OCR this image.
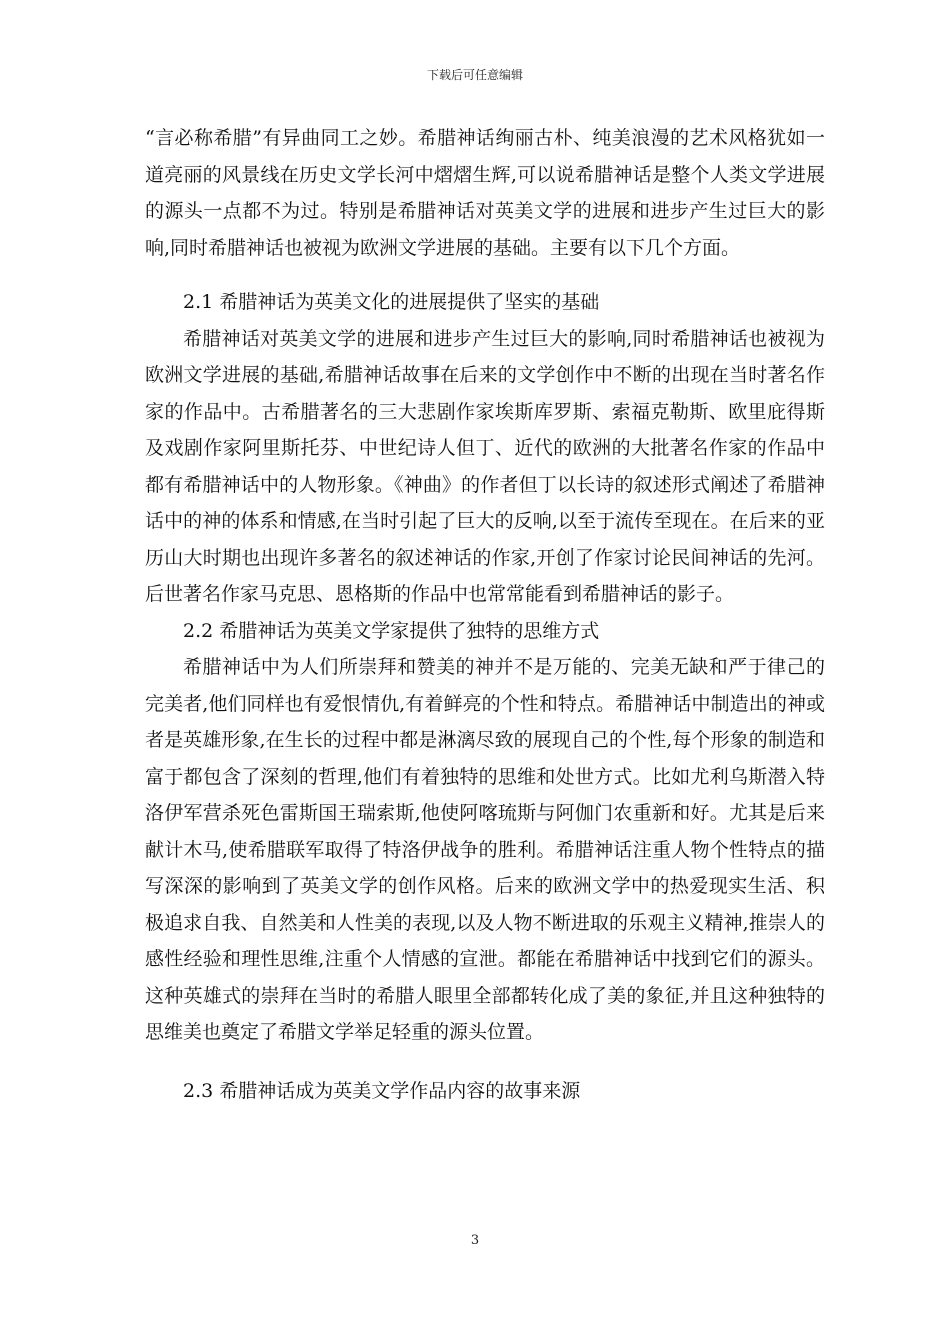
下载后可任意编辑

“言必称希腊”有异曲同工之妙。希腊神话绚丽古朴、纯美浪漫的艺术风格犹如一道亮丽的风景线在历史文学长河中熠熠生辉,可以说希腊神话是整个人类文学进展的源头一点都不为过。特别是希腊神话对英美文学的进展和进步产生过巨大的影响,同时希腊神话也被视为欧洲文学进展的基础。主要有以下几个方面。

2.1 希腊神话为英美文化的进展提供了坚实的基础

希腊神话对英美文学的进展和进步产生过巨大的影响,同时希腊神话也被视为欧洲文学进展的基础,希腊神话故事在后来的文学创作中不断的出现在当时著名作家的作品中。古希腊著名的三大悲剧作家埃斯库罗斯、索福克勒斯、欧里庇得斯及戏剧作家阿里斯托芬、中世纪诗人但丁、近代的欧洲的大批著名作家的作品中都有希腊神话中的人物形象。《神曲》的作者但丁以长诗的叙述形式阐述了希腊神话中的神的体系和情感,在当时引起了巨大的反响,以至于流传至现在。在后来的亚历山大时期也出现许多著名的叙述神话的作家,开创了作家讨论民间神话的先河。后世著名作家马克思、恩格斯的作品中也常常能看到希腊神话的影子。

2.2 希腊神话为英美文学家提供了独特的思维方式

希腊神话中为人们所崇拜和赞美的神并不是万能的、完美无缺和严于律己的完美者,他们同样也有爱恨情仇,有着鲜亮的个性和特点。希腊神话中制造出的神或者是英雄形象,在生长的过程中都是淋漓尽致的展现自己的个性,每个形象的制造和富于都包含了深刻的哲理,他们有着独特的思维和处世方式。比如尤利乌斯潜入特洛伊军营杀死色雷斯国王瑞索斯,他使阿喀琉斯与阿伽门农重新和好。尤其是后来献计木马,使希腊联军取得了特洛伊战争的胜利。希腊神话注重人物个性特点的描写深深的影响到了英美文学的创作风格。后来的欧洲文学中的热爱现实生活、积极追求自我、自然美和人性美的表现,以及人物不断进取的乐观主义精神,推崇人的感性经验和理性思维,注重个人情感的宣泄。都能在希腊神话中找到它们的源头。这种英雄式的崇拜在当时的希腊人眼里全部都转化成了美的象征,并且这种独特的思维美也奠定了希腊文学举足轻重的源头位置。

2.3 希腊神话成为英美文学作品内容的故事来源

3
